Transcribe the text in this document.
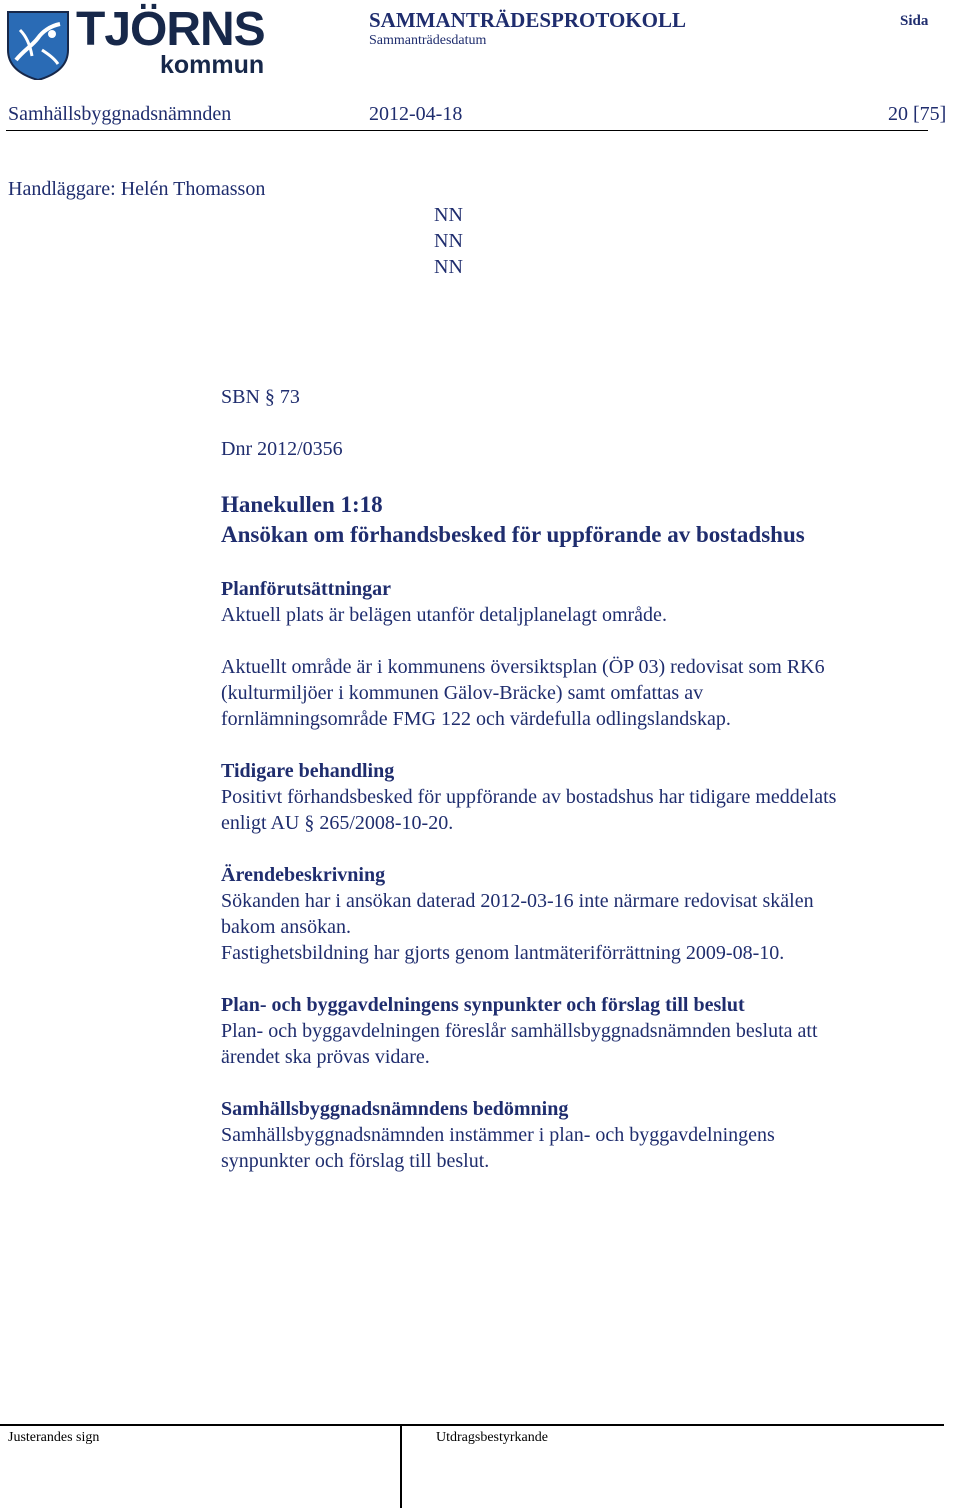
TJÖRNS
kommun
SAMMANTRÄDESPROTOKOLL
Sammanträdesdatum
Sida
Samhällsbyggnadsnämnden	2012-04-18	20 [75]
Handläggare: Helén Thomasson
NN
NN
NN
SBN § 73
Dnr 2012/0356
Hanekullen 1:18
Ansökan om förhandsbesked för uppförande av bostadshus
Planförutsättningar
Aktuell plats är belägen utanför detaljplanelagt område.
Aktuellt område är i kommunens översiktsplan (ÖP 03) redovisat som RK6
(kulturmiljöer i kommunen Gälov-Bräcke) samt omfattas av
fornlämningsområde FMG 122 och värdefulla odlingslandskap.
Tidigare behandling
Positivt förhandsbesked för uppförande av bostadshus har tidigare meddelats
enligt AU § 265/2008-10-20.
Ärendebeskrivning
Sökanden har i ansökan daterad 2012-03-16 inte närmare redovisat skälen
bakom ansökan.
Fastighetsbildning har gjorts genom lantmäteriförrättning 2009-08-10.
Plan- och byggavdelningens synpunkter och förslag till beslut
Plan- och byggavdelningen föreslår samhällsbyggnadsnämnden besluta att
ärendet ska prövas vidare.
Samhällsbyggnadsnämndens bedömning
Samhällsbyggnadsnämnden instämmer i plan- och byggavdelningens
synpunkter och förslag till beslut.
Justerandes sign	Utdragsbestyrkande
